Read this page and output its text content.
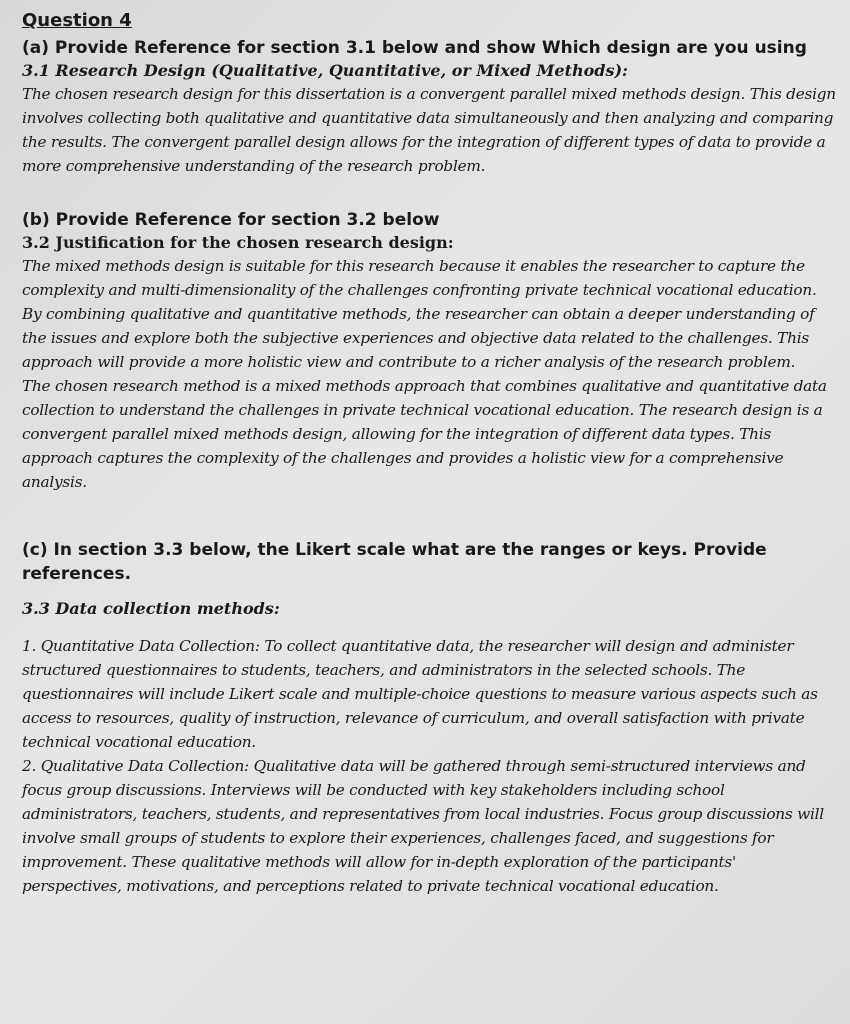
Question 4

(a) Provide Reference for section 3.1 below and show Which design are you using

3.1 Research Design (Qualitative, Quantitative, or Mixed Methods):

The chosen research design for this dissertation is a convergent parallel mixed methods design. This design involves collecting both qualitative and quantitative data simultaneously and then analyzing and comparing the results. The convergent parallel design allows for the integration of different types of data to provide a more comprehensive understanding of the research problem.

(b) Provide Reference for section 3.2 below

3.2 Justification for the chosen research design:

The mixed methods design is suitable for this research because it enables the researcher to capture the complexity and multi-dimensionality of the challenges confronting private technical vocational education. By combining qualitative and quantitative methods, the researcher can obtain a deeper understanding of the issues and explore both the subjective experiences and objective data related to the challenges. This approach will provide a more holistic view and contribute to a richer analysis of the research problem.

The chosen research method is a mixed methods approach that combines qualitative and quantitative data collection to understand the challenges in private technical vocational education. The research design is a convergent parallel mixed methods design, allowing for the integration of different data types. This approach captures the complexity of the challenges and provides a holistic view for a comprehensive analysis.

(c) In section 3.3 below, the Likert scale what are the ranges or keys. Provide references.

3.3 Data collection methods:

1. Quantitative Data Collection: To collect quantitative data, the researcher will design and administer structured questionnaires to students, teachers, and administrators in the selected schools. The questionnaires will include Likert scale and multiple-choice questions to measure various aspects such as access to resources, quality of instruction, relevance of curriculum, and overall satisfaction with private technical vocational education.

2. Qualitative Data Collection: Qualitative data will be gathered through semi-structured interviews and focus group discussions. Interviews will be conducted with key stakeholders including school administrators, teachers, students, and representatives from local industries. Focus group discussions will involve small groups of students to explore their experiences, challenges faced, and suggestions for improvement. These qualitative methods will allow for in-depth exploration of the participants' perspectives, motivations, and perceptions related to private technical vocational education.
